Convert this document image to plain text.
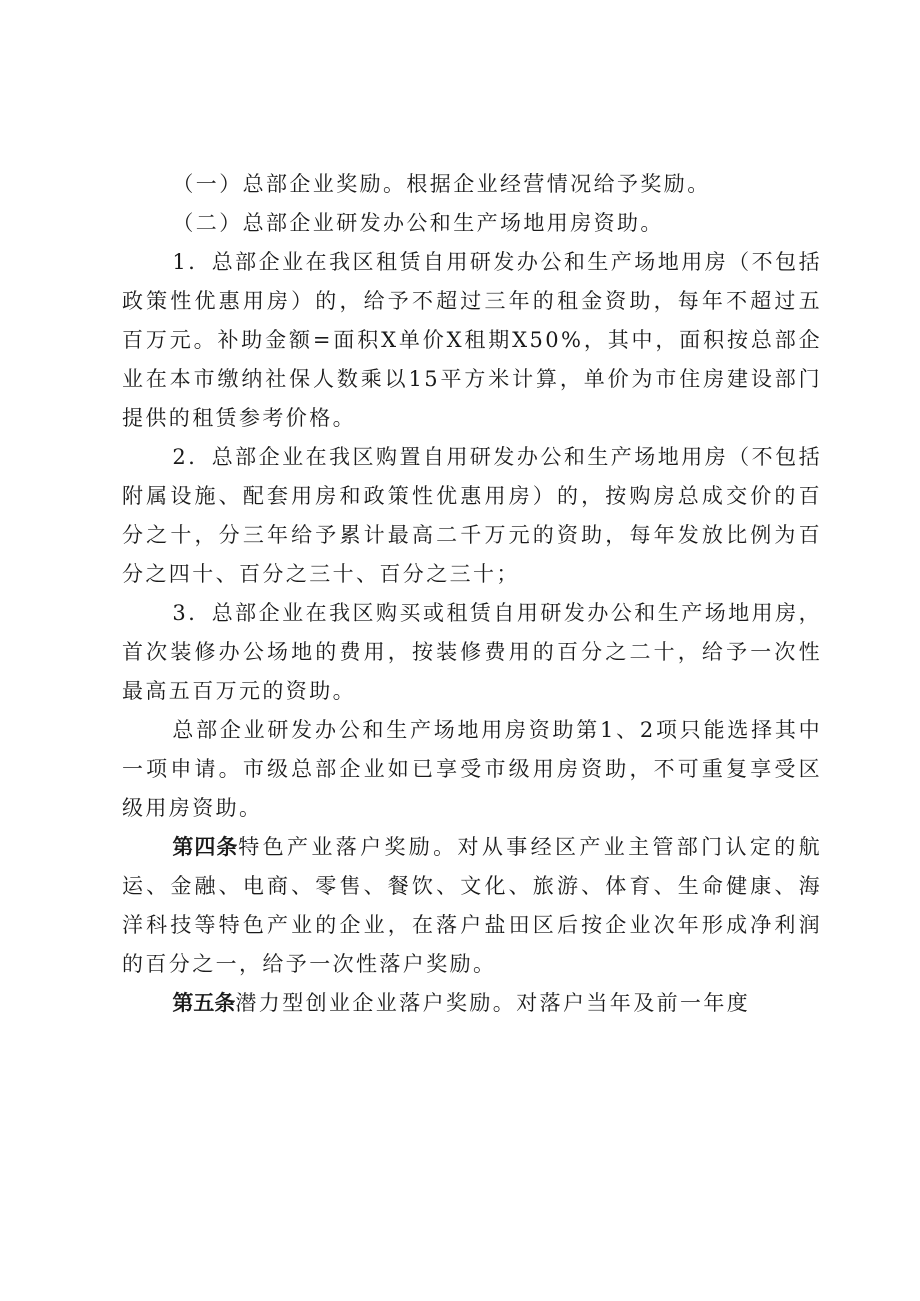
（一）总部企业奖励。根据企业经营情况给予奖励。

（二）总部企业研发办公和生产场地用房资助。

1．总部企业在我区租赁自用研发办公和生产场地用房（不包括政策性优惠用房）的，给予不超过三年的租金资助，每年不超过五百万元。补助金额=面积X单价X租期X50%，其中，面积按总部企业在本市缴纳社保人数乘以15平方米计算，单价为市住房建设部门提供的租赁参考价格。

2．总部企业在我区购置自用研发办公和生产场地用房（不包括附属设施、配套用房和政策性优惠用房）的，按购房总成交价的百分之十，分三年给予累计最高二千万元的资助，每年发放比例为百分之四十、百分之三十、百分之三十；

3．总部企业在我区购买或租赁自用研发办公和生产场地用房，首次装修办公场地的费用，按装修费用的百分之二十，给予一次性最高五百万元的资助。

总部企业研发办公和生产场地用房资助第1、2项只能选择其中一项申请。市级总部企业如已享受市级用房资助，不可重复享受区级用房资助。

第四条特色产业落户奖励。对从事经区产业主管部门认定的航运、金融、电商、零售、餐饮、文化、旅游、体育、生命健康、海洋科技等特色产业的企业，在落户盐田区后按企业次年形成净利润的百分之一，给予一次性落户奖励。

第五条潜力型创业企业落户奖励。对落户当年及前一年度
